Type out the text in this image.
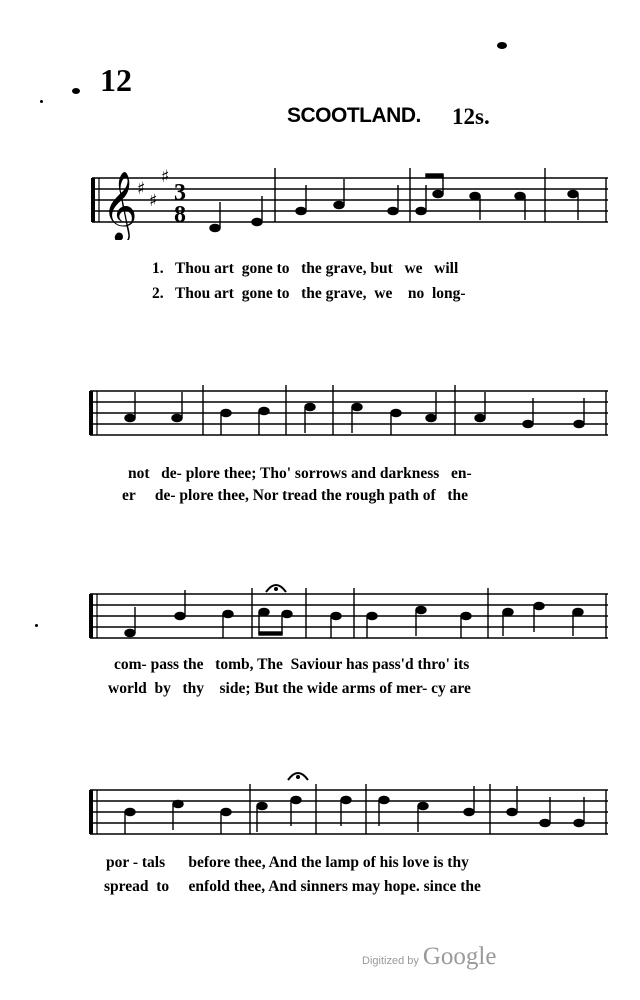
12
SCOOTLAND. 12s.
𝄞 ♯
♯
♯ 3
8
1.   Thou art  gone to   the grave, but   we   will
2.   Thou art  gone to   the grave,  we    no  long-
not   de- plore thee; Tho' sorrows and darkness   en-
er     de- plore thee, Nor tread the rough path of   the
com- pass the   tomb, The  Saviour has pass'd thro' its
world  by   thy    side; But the wide arms of mer- cy are
por - tals      before thee, And the lamp of his love is thy
spread  to     enfold thee, And sinners may hope. since the
Digitized by Google
